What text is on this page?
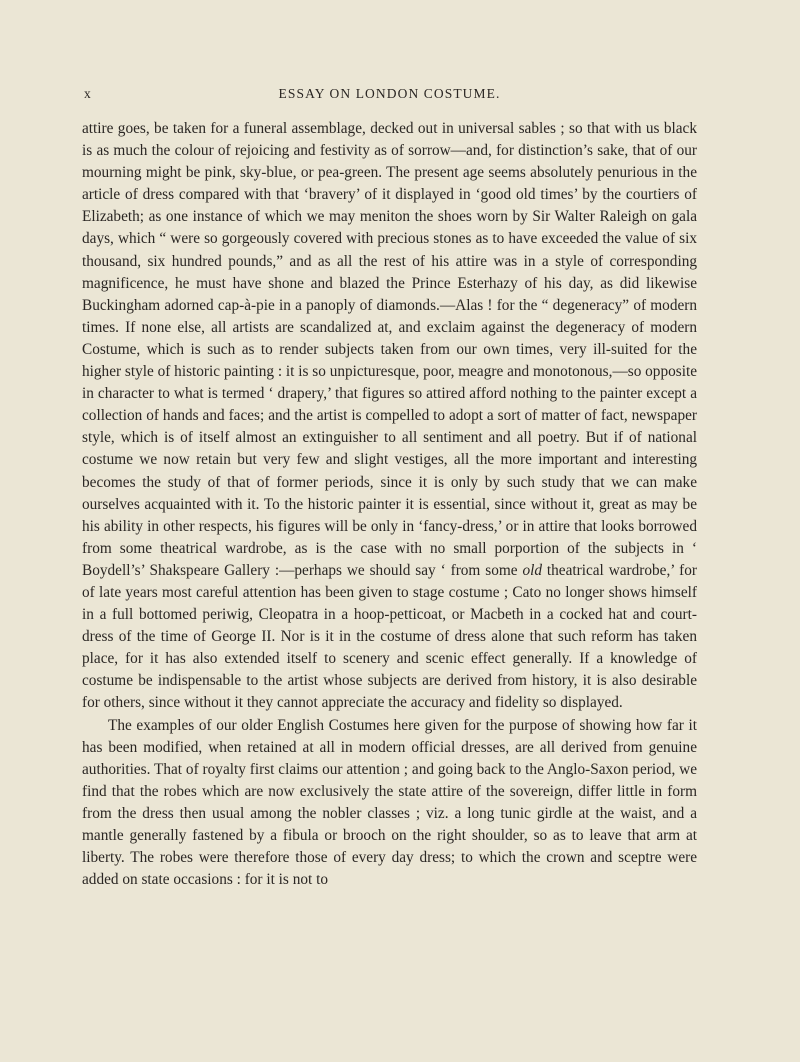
x	ESSAY ON LONDON COSTUME.

attire goes, be taken for a funeral assemblage, decked out in universal sables ; so that with us black is as much the colour of rejoicing and festivity as of sorrow—and, for distinction’s sake, that of our mourning might be pink, sky-blue, or pea-green. The present age seems absolutely penurious in the article of dress compared with that ‘bravery’ of it displayed in ‘good old times’ by the courtiers of Elizabeth; as one instance of which we may meniton the shoes worn by Sir Walter Raleigh on gala days, which “ were so gorgeously covered with precious stones as to have exceeded the value of six thousand, six hundred pounds,” and as all the rest of his attire was in a style of corresponding magnificence, he must have shone and blazed the Prince Esterhazy of his day, as did likewise Buckingham adorned cap-à-pie in a panoply of diamonds.—Alas ! for the “ degeneracy” of modern times. If none else, all artists are scandalized at, and exclaim against the degeneracy of modern Costume, which is such as to render subjects taken from our own times, very ill-suited for the higher style of historic painting : it is so unpicturesque, poor, meagre and monotonous,—so opposite in character to what is termed ‘ drapery,’ that figures so attired afford nothing to the painter except a collection of hands and faces; and the artist is compelled to adopt a sort of matter of fact, newspaper style, which is of itself almost an extinguisher to all sentiment and all poetry. But if of national costume we now retain but very few and slight vestiges, all the more important and interesting becomes the study of that of former periods, since it is only by such study that we can make ourselves acquainted with it. To the historic painter it is essential, since without it, great as may be his ability in other respects, his figures will be only in ‘fancy-dress,’ or in attire that looks borrowed from some theatrical wardrobe, as is the case with no small porportion of the subjects in ‘ Boydell’s’ Shakspeare Gallery :—perhaps we should say ‘ from some old theatrical wardrobe,’ for of late years most careful attention has been given to stage costume ; Cato no longer shows himself in a full bottomed periwig, Cleopatra in a hoop-petticoat, or Macbeth in a cocked hat and court-dress of the time of George II. Nor is it in the costume of dress alone that such reform has taken place, for it has also extended itself to scenery and scenic effect generally. If a knowledge of costume be indispensable to the artist whose subjects are derived from history, it is also desirable for others, since without it they cannot appreciate the accuracy and fidelity so displayed.

The examples of our older English Costumes here given for the purpose of showing how far it has been modified, when retained at all in modern official dresses, are all derived from genuine authorities. That of royalty first claims our attention ; and going back to the Anglo-Saxon period, we find that the robes which are now exclusively the state attire of the sovereign, differ little in form from the dress then usual among the nobler classes ; viz. a long tunic girdle at the waist, and a mantle generally fastened by a fibula or brooch on the right shoulder, so as to leave that arm at liberty. The robes were therefore those of every day dress; to which the crown and sceptre were added on state occasions : for it is not to
